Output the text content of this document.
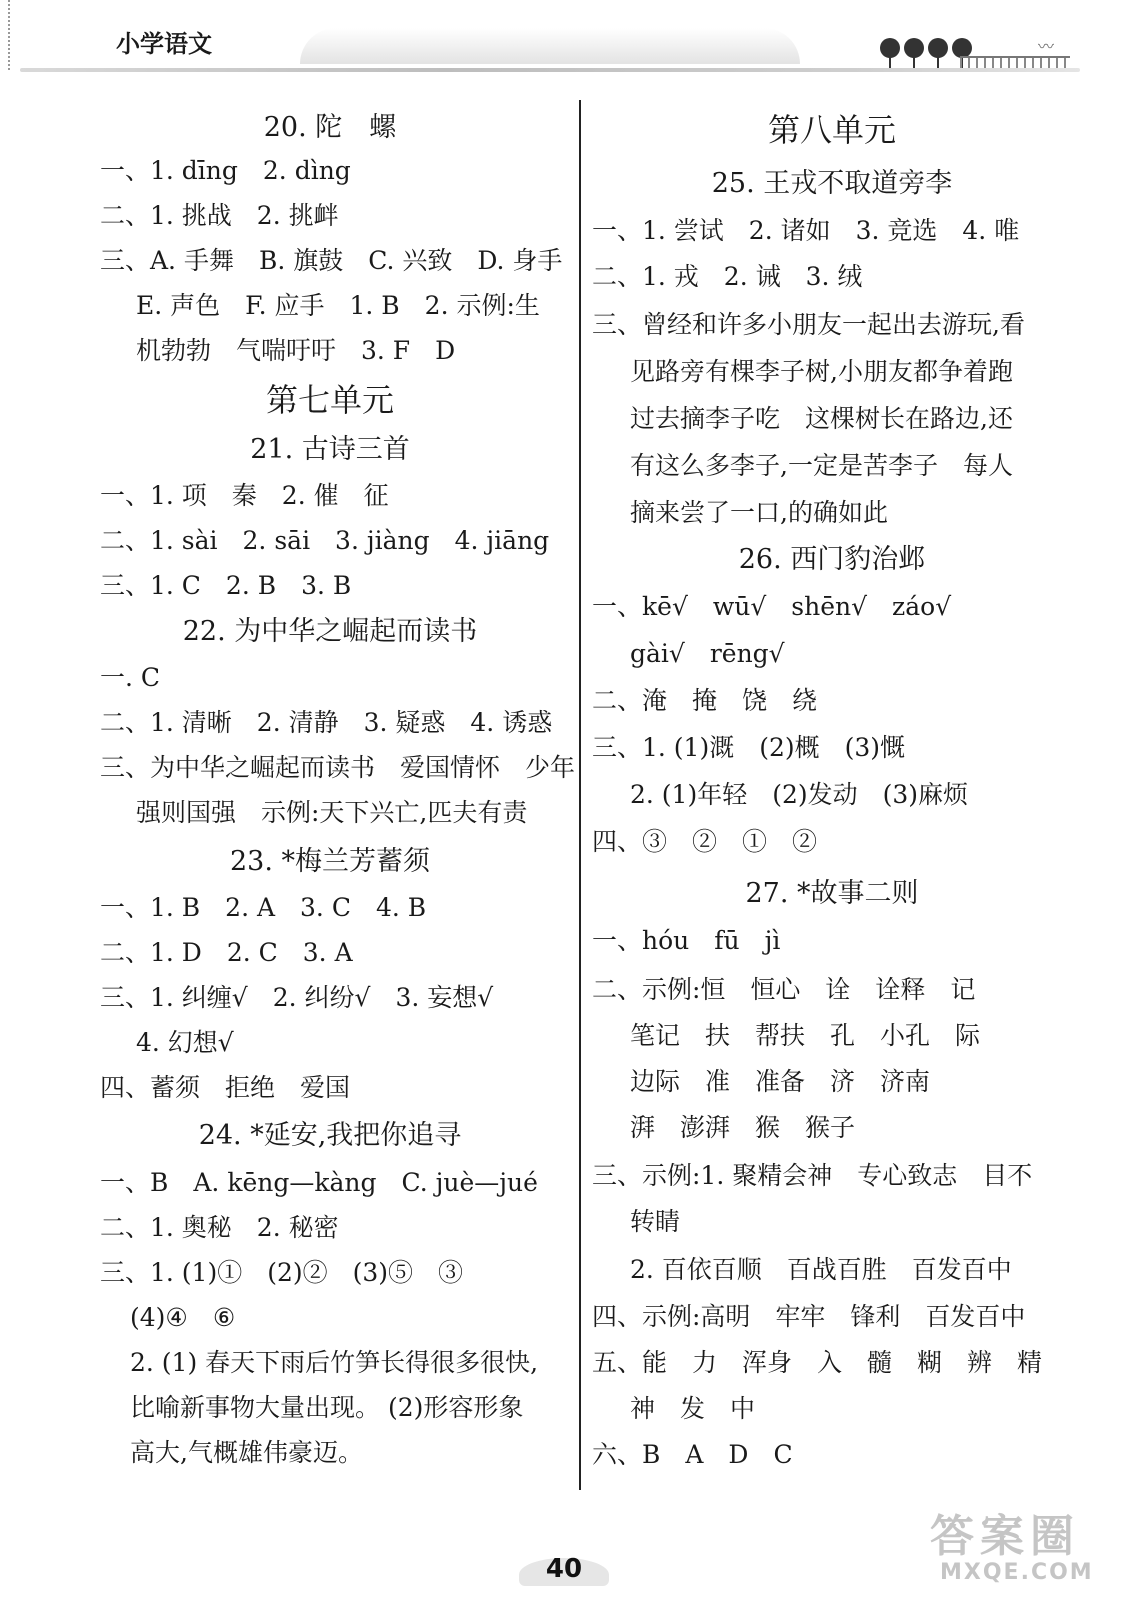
小学语文	〰
20. 陀　螺
一、1. dīng　2. dìng
二、1. 挑战　2. 挑衅
三、A. 手舞　B. 旗鼓　C. 兴致　D. 身手
E. 声色　F. 应手　1. B　2. 示例:生
机勃勃　气喘吁吁　3. F　D
第七单元
21. 古诗三首
一、1. 项　秦　2. 催　征
二、1. sài　2. sāi　3. jiàng　4. jiāng
三、1. C　2. B　3. B
22. 为中华之崛起而读书
一. C
二、1. 清晰　2. 清静　3. 疑惑　4. 诱惑
三、为中华之崛起而读书　爱国情怀　少年
强则国强　示例:天下兴亡,匹夫有责
23. *梅兰芳蓄须
一、1. B　2. A　3. C　4. B
二、1. D　2. C　3. A
三、1. 纠缠√　2. 纠纷√　3. 妄想√
4. 幻想√
四、蓄须　拒绝　爱国
24. *延安,我把你追寻
一、B　A. kēng—kàng　C. juè—jué
二、1. 奥秘　2. 秘密
三、1. (1)①　(2)②　(3)⑤　③
(4)④　⑥
2. (1) 春天下雨后竹笋长得很多很快,
比喻新事物大量出现。 (2)形容形象
高大,气概雄伟豪迈。
第八单元
25. 王戎不取道旁李
一、1. 尝试　2. 诸如　3. 竞选　4. 唯
二、1. 戎　2. 诫　3. 绒
三、曾经和许多小朋友一起出去游玩,看
见路旁有棵李子树,小朋友都争着跑
过去摘李子吃　这棵树长在路边,还
有这么多李子,一定是苦李子　每人
摘来尝了一口,的确如此
26. 西门豹治邺
一、kē√　wū√　shēn√　záo√
gài√　rēng√
二、淹　掩　饶　绕
三、1. (1)溉　(2)概　(3)慨
2. (1)年轻　(2)发动　(3)麻烦
四、③　②　①　②
27. *故事二则
一、hóu　fū　jì
二、示例:恒　恒心　诠　诠释　记
笔记　扶　帮扶　孔　小孔　际
边际　准　准备　济　济南
湃　澎湃　猴　猴子
三、示例:1. 聚精会神　专心致志　目不
转睛
2. 百依百顺　百战百胜　百发百中
四、示例:高明　牢牢　锋利　百发百中
五、能　力　浑身　入　髓　糊　辨　精
神　发　中
六、B　A　D　C
40
答案圈
MXQE.COM
